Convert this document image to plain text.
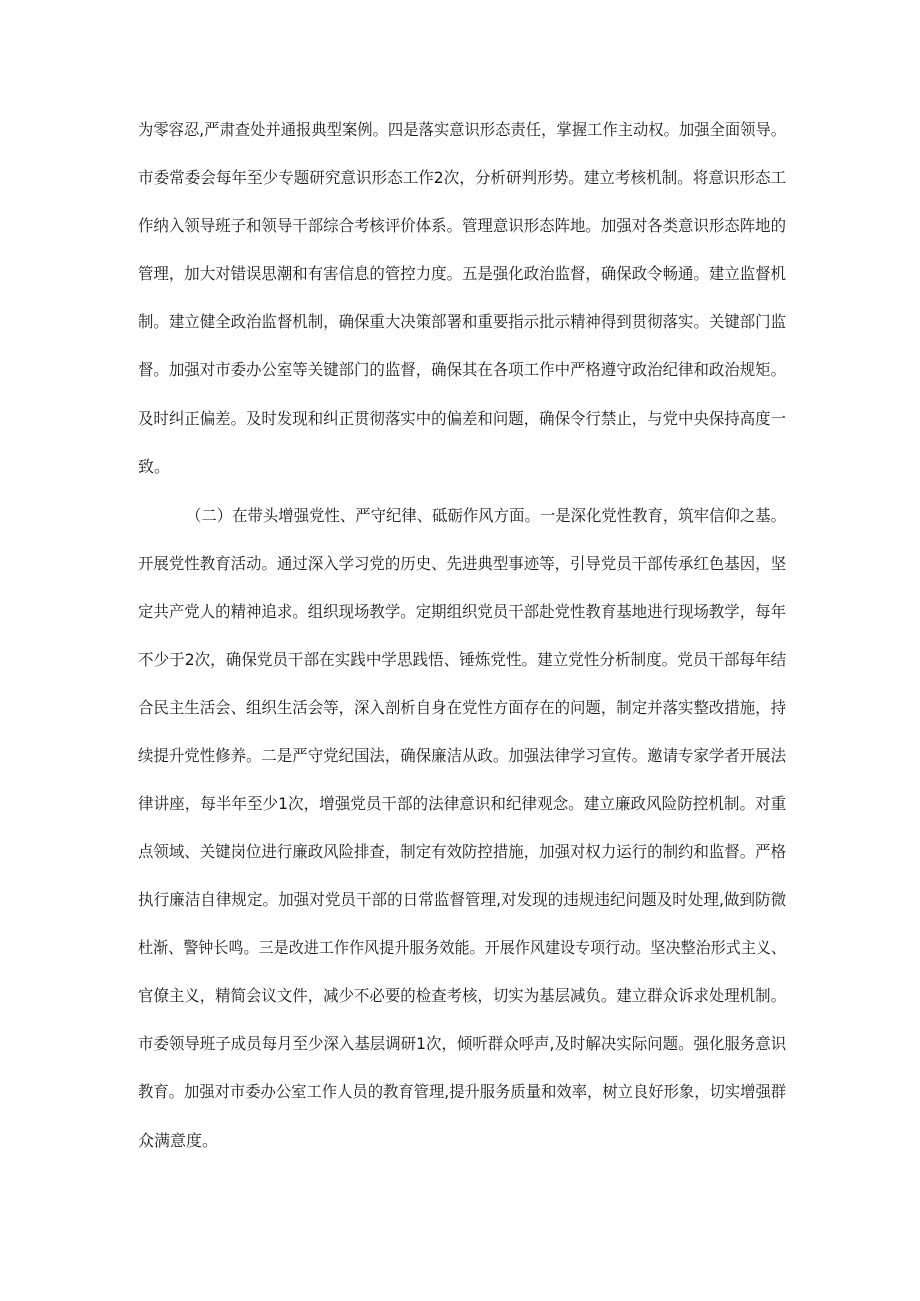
为零容忍,严肃查处并通报典型案例。四是落实意识形态责任，掌握工作主动权。加强全面领导。
市委常委会每年至少专题研究意识形态工作2次，分析研判形势。建立考核机制。将意识形态工
作纳入领导班子和领导干部综合考核评价体系。管理意识形态阵地。加强对各类意识形态阵地的
管理，加大对错误思潮和有害信息的管控力度。五是强化政治监督，确保政令畅通。建立监督机
制。建立健全政治监督机制，确保重大决策部署和重要指示批示精神得到贯彻落实。关键部门监
督。加强对市委办公室等关键部门的监督，确保其在各项工作中严格遵守政治纪律和政治规矩。
及时纠正偏差。及时发现和纠正贯彻落实中的偏差和问题，确保令行禁止，与党中央保持高度一
致。
（二）在带头增强党性、严守纪律、砥砺作风方面。一是深化党性教育，筑牢信仰之基。
开展党性教育活动。通过深入学习党的历史、先进典型事迹等，引导党员干部传承红色基因，坚
定共产党人的精神追求。组织现场教学。定期组织党员干部赴党性教育基地进行现场教学，每年
不少于2次，确保党员干部在实践中学思践悟、锤炼党性。建立党性分析制度。党员干部每年结
合民主生活会、组织生活会等，深入剖析自身在党性方面存在的问题，制定并落实整改措施，持
续提升党性修养。二是严守党纪国法，确保廉洁从政。加强法律学习宣传。邀请专家学者开展法
律讲座，每半年至少1次，增强党员干部的法律意识和纪律观念。建立廉政风险防控机制。对重
点领域、关键岗位进行廉政风险排查，制定有效防控措施，加强对权力运行的制约和监督。严格
执行廉洁自律规定。加强对党员干部的日常监督管理,对发现的违规违纪问题及时处理,做到防微
杜渐、警钟长鸣。三是改进工作作风提升服务效能。开展作风建设专项行动。坚决整治形式主义、
官僚主义，精简会议文件，减少不必要的检查考核，切实为基层减负。建立群众诉求处理机制。
市委领导班子成员每月至少深入基层调研1次，倾听群众呼声,及时解决实际问题。强化服务意识
教育。加强对市委办公室工作人员的教育管理,提升服务质量和效率，树立良好形象，切实增强群
众满意度。
